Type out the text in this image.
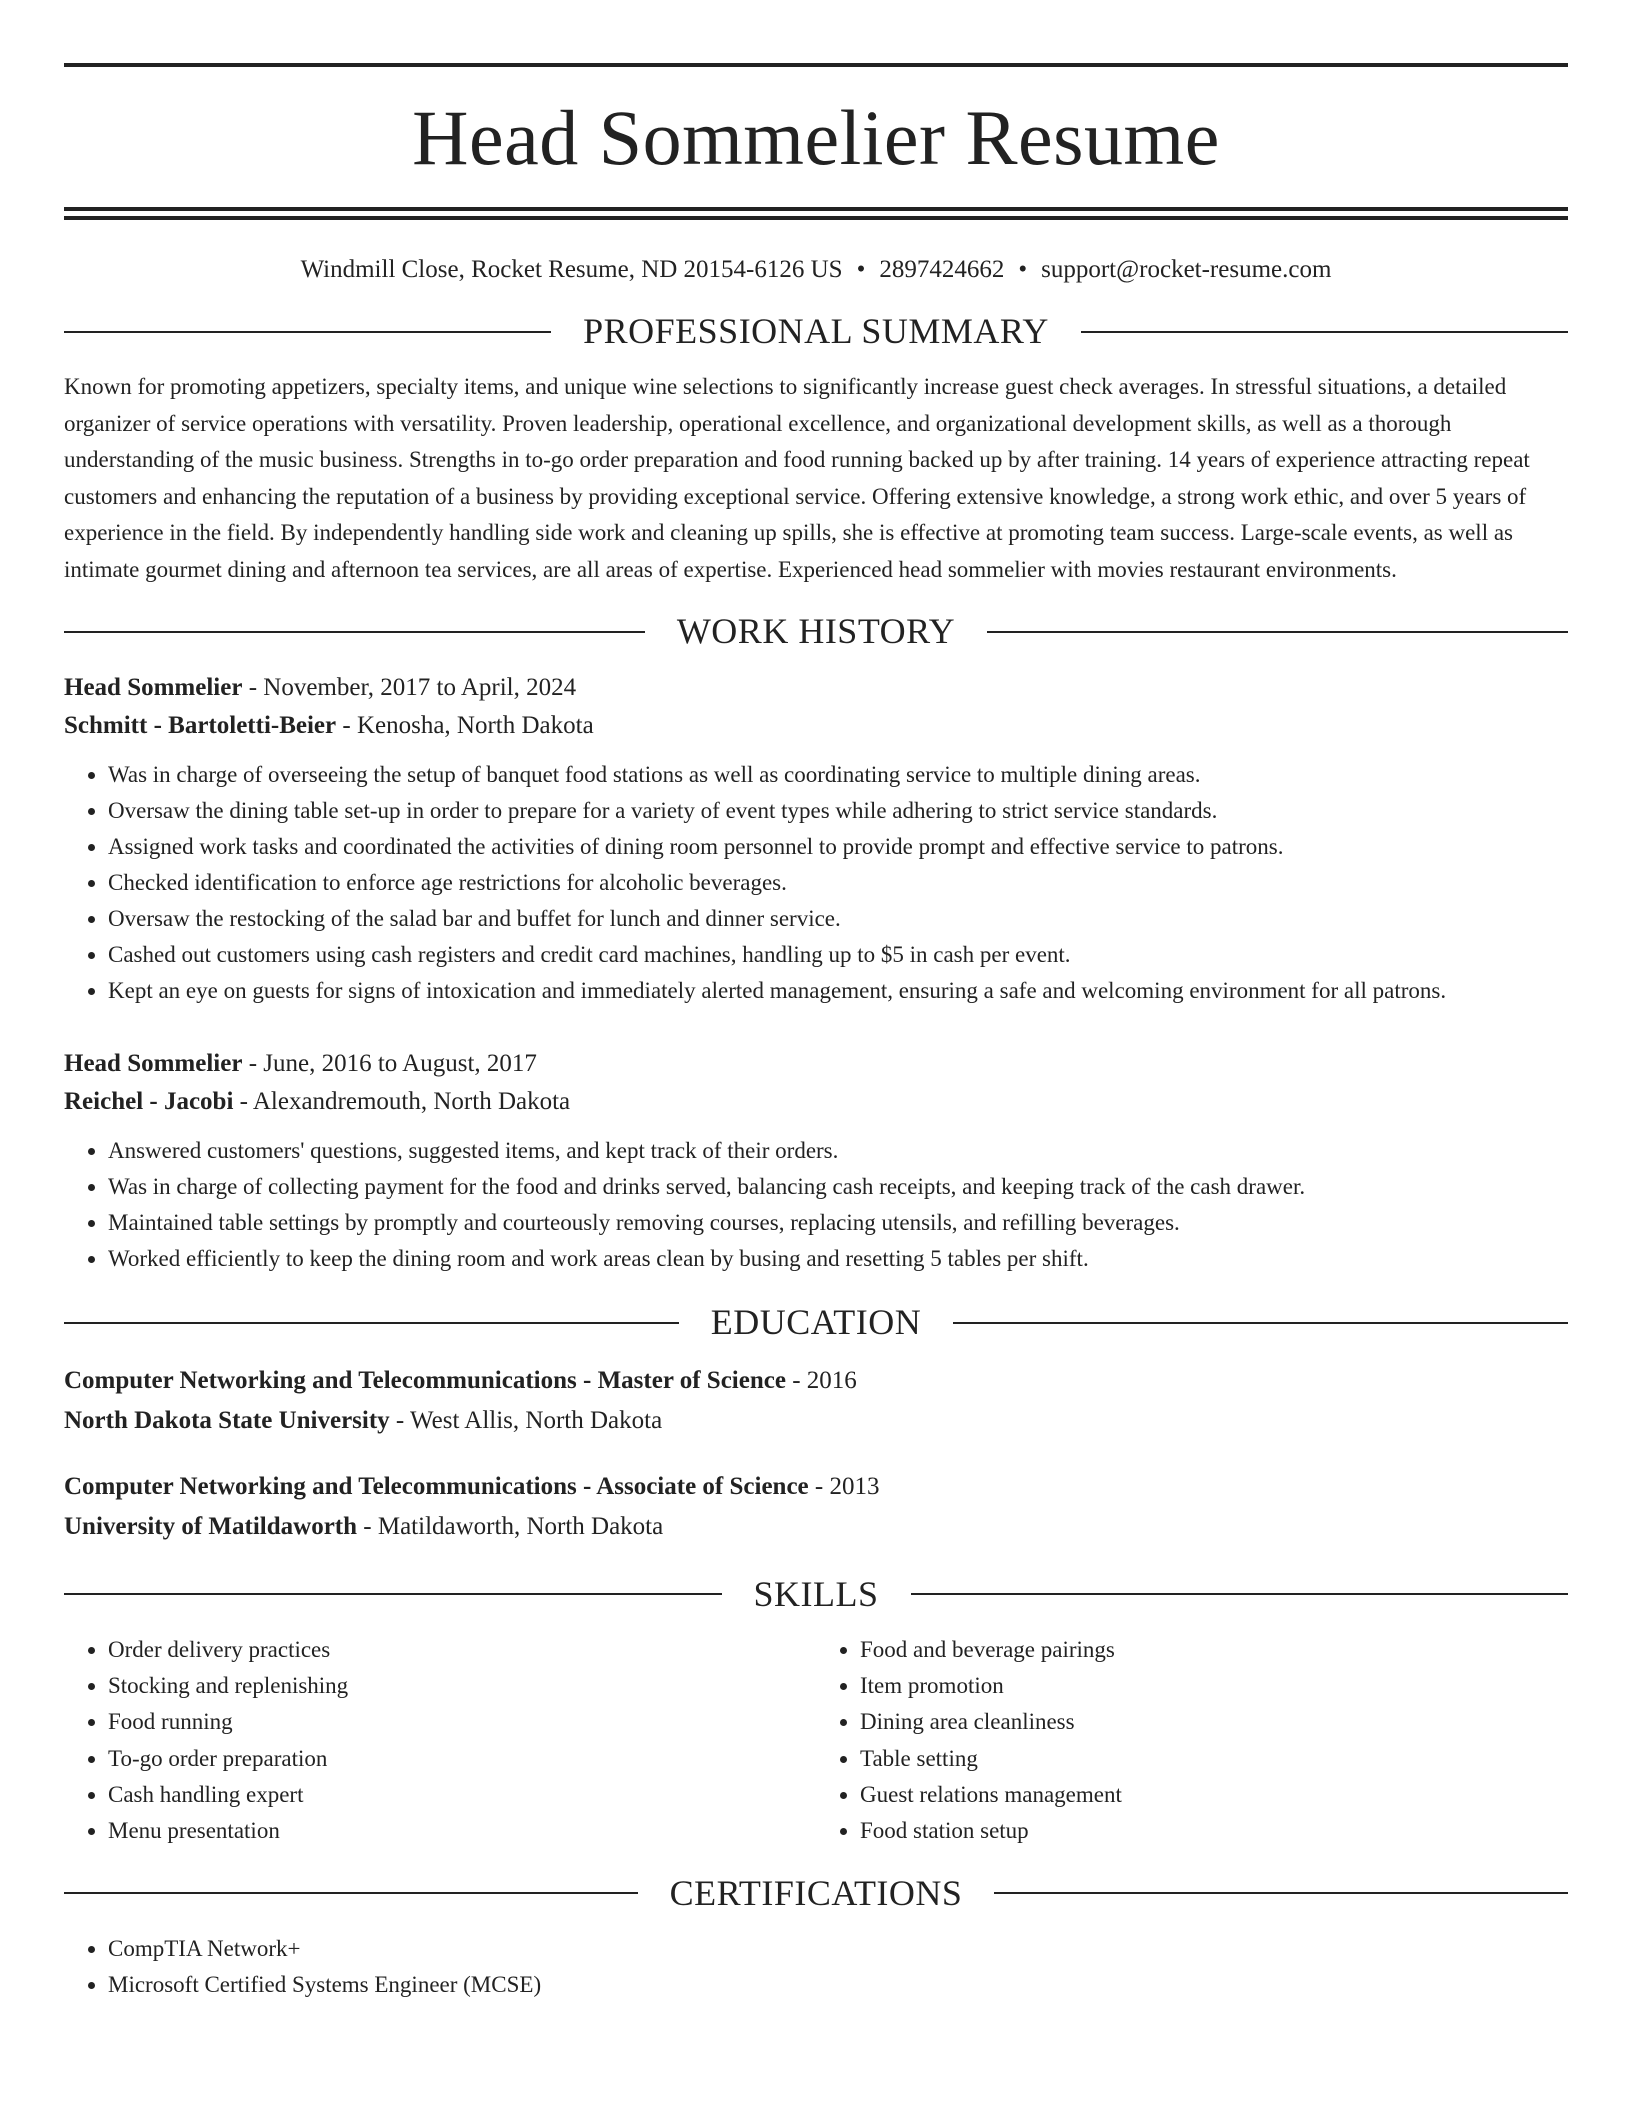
Head Sommelier Resume
Windmill Close, Rocket Resume, ND 20154-6126 US • 2897424662 • support@rocket-resume.com
PROFESSIONAL SUMMARY

Known for promoting appetizers, specialty items, and unique wine selections to significantly increase guest check averages. In stressful situations, a detailed organizer of service operations with versatility. Proven leadership, operational excellence, and organizational development skills, as well as a thorough understanding of the music business. Strengths in to-go order preparation and food running backed up by after training. 14 years of experience attracting repeat customers and enhancing the reputation of a business by providing exceptional service. Offering extensive knowledge, a strong work ethic, and over 5 years of experience in the field. By independently handling side work and cleaning up spills, she is effective at promoting team success. Large-scale events, as well as intimate gourmet dining and afternoon tea services, are all areas of expertise. Experienced head sommelier with movies restaurant environments.

WORK HISTORY
Head Sommelier - November, 2017 to April, 2024
Schmitt - Bartoletti-Beier - Kenosha, North Dakota
• Was in charge of overseeing the setup of banquet food stations as well as coordinating service to multiple dining areas.
• Oversaw the dining table set-up in order to prepare for a variety of event types while adhering to strict service standards.
• Assigned work tasks and coordinated the activities of dining room personnel to provide prompt and effective service to patrons.
• Checked identification to enforce age restrictions for alcoholic beverages.
• Oversaw the restocking of the salad bar and buffet for lunch and dinner service.
• Cashed out customers using cash registers and credit card machines, handling up to $5 in cash per event.
• Kept an eye on guests for signs of intoxication and immediately alerted management, ensuring a safe and welcoming environment for all patrons.
Head Sommelier - June, 2016 to August, 2017
Reichel - Jacobi - Alexandremouth, North Dakota
• Answered customers' questions, suggested items, and kept track of their orders.
• Was in charge of collecting payment for the food and drinks served, balancing cash receipts, and keeping track of the cash drawer.
• Maintained table settings by promptly and courteously removing courses, replacing utensils, and refilling beverages.
• Worked efficiently to keep the dining room and work areas clean by busing and resetting 5 tables per shift.
EDUCATION
Computer Networking and Telecommunications - Master of Science - 2016
North Dakota State University - West Allis, North Dakota
Computer Networking and Telecommunications - Associate of Science - 2013
University of Matildaworth - Matildaworth, North Dakota
SKILLS
• Order delivery practices
• Stocking and replenishing
• Food running
• To-go order preparation
• Cash handling expert
• Menu presentation
• Food and beverage pairings
• Item promotion
• Dining area cleanliness
• Table setting
• Guest relations management
• Food station setup
CERTIFICATIONS
• CompTIA Network+
• Microsoft Certified Systems Engineer (MCSE)
